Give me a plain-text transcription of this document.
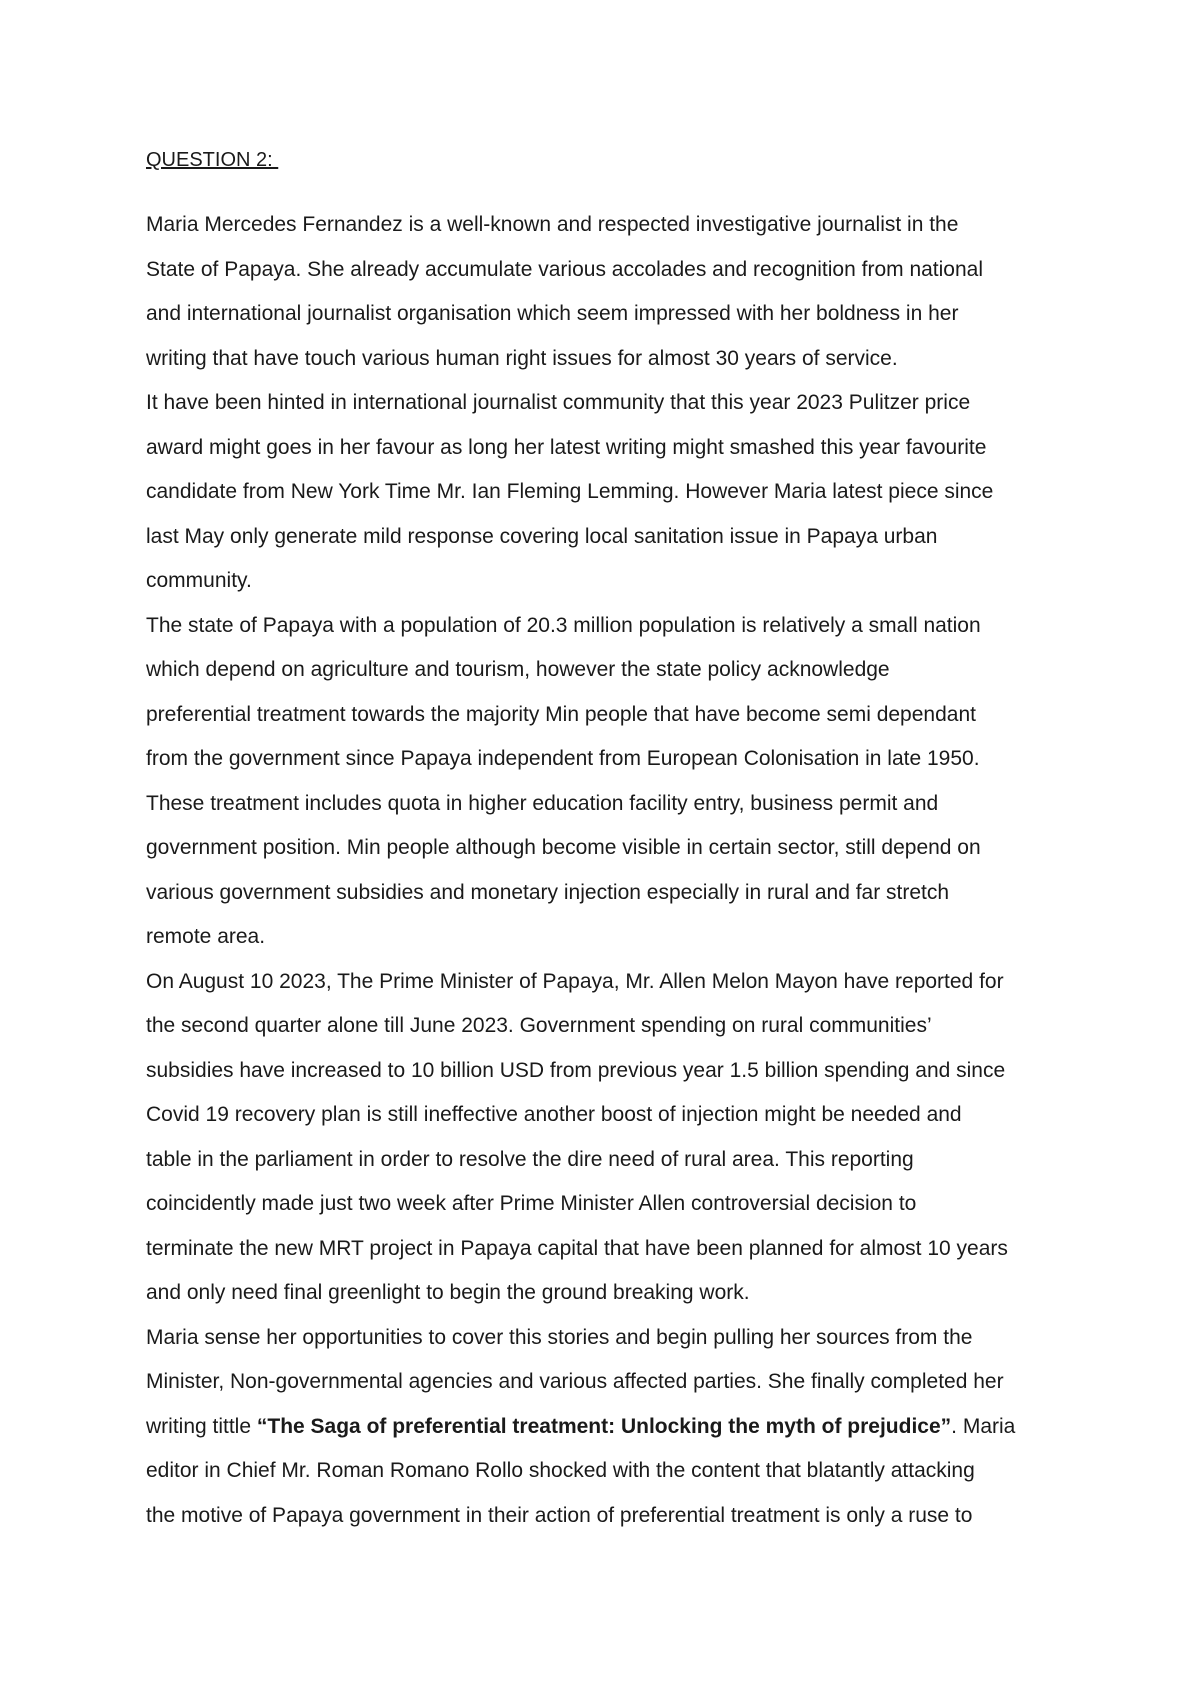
QUESTION 2:
Maria Mercedes Fernandez is a well-known and respected investigative journalist in the
State of Papaya. She already accumulate various accolades and recognition from national
and international journalist organisation which seem impressed with her boldness in her
writing that have touch various human right issues for almost 30 years of service.
It have been hinted in international journalist community that this year 2023 Pulitzer price
award might goes in her favour as long her latest writing might smashed this year favourite
candidate from New York Time Mr. Ian Fleming Lemming. However Maria latest piece since
last May only generate mild response covering local sanitation issue in Papaya urban
community.
The state of Papaya with a population of 20.3 million population is relatively a small nation
which depend on agriculture and tourism, however the state policy acknowledge
preferential treatment towards the majority Min people that have become semi dependant
from the government since Papaya independent from European Colonisation in late 1950.
These treatment includes quota in higher education facility entry, business permit and
government position. Min people although become visible in certain sector, still depend on
various government subsidies and monetary injection especially in rural and far stretch
remote area.
On August 10 2023, The Prime Minister of Papaya, Mr. Allen Melon Mayon have reported for
the second quarter alone till June 2023. Government spending on rural communities’
subsidies have increased to 10 billion USD from previous year 1.5 billion spending and since
Covid 19 recovery plan is still ineffective another boost of injection might be needed and
table in the parliament in order to resolve the dire need of rural area. This reporting
coincidently made just two week after Prime Minister Allen controversial decision to
terminate the new MRT project in Papaya capital that have been planned for almost 10 years
and only need final greenlight to begin the ground breaking work.
Maria sense her opportunities to cover this stories and begin pulling her sources from the
Minister, Non-governmental agencies and various affected parties. She finally completed her
writing tittle “The Saga of preferential treatment: Unlocking the myth of prejudice”. Maria
editor in Chief Mr. Roman Romano Rollo shocked with the content that blatantly attacking
the motive of Papaya government in their action of preferential treatment is only a ruse to
